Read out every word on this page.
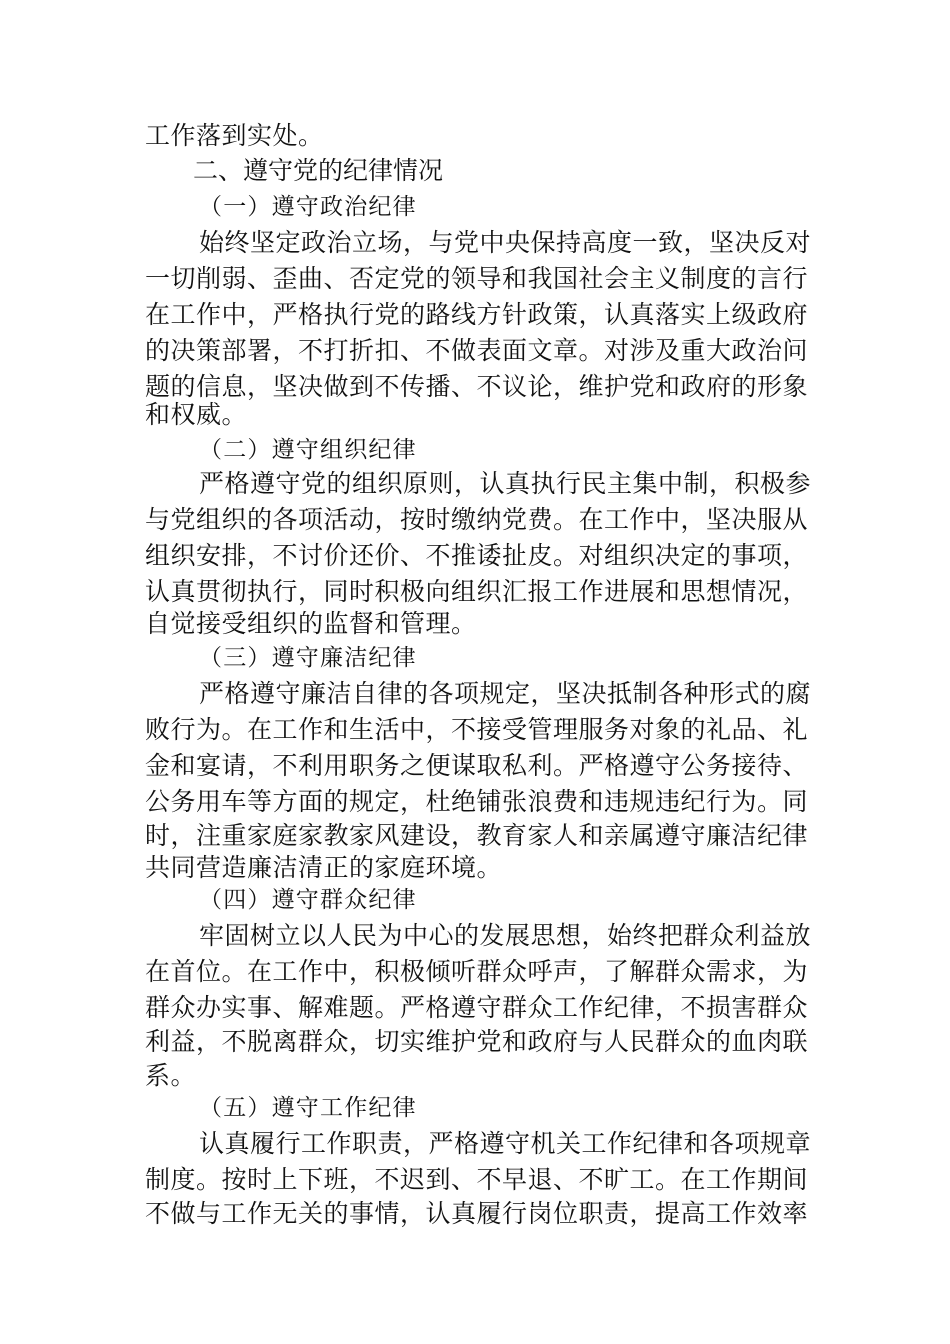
工作落到实处。
二、遵守党的纪律情况
（一）遵守政治纪律
始终坚定政治立场，与党中央保持高度一致，坚决反对
一切削弱、歪曲、否定党的领导和我国社会主义制度的言行
在工作中，严格执行党的路线方针政策，认真落实上级政府
的决策部署，不打折扣、不做表面文章。对涉及重大政治问
题的信息，坚决做到不传播、不议论，维护党和政府的形象
和权威。
（二）遵守组织纪律
严格遵守党的组织原则，认真执行民主集中制，积极参
与党组织的各项活动，按时缴纳党费。在工作中，坚决服从
组织安排，不讨价还价、不推诿扯皮。对组织决定的事项，
认真贯彻执行，同时积极向组织汇报工作进展和思想情况，
自觉接受组织的监督和管理。
（三）遵守廉洁纪律
严格遵守廉洁自律的各项规定，坚决抵制各种形式的腐
败行为。在工作和生活中，不接受管理服务对象的礼品、礼
金和宴请，不利用职务之便谋取私利。严格遵守公务接待、
公务用车等方面的规定，杜绝铺张浪费和违规违纪行为。同
时，注重家庭家教家风建设，教育家人和亲属遵守廉洁纪律
共同营造廉洁清正的家庭环境。
（四）遵守群众纪律
牢固树立以人民为中心的发展思想，始终把群众利益放
在首位。在工作中，积极倾听群众呼声，了解群众需求，为
群众办实事、解难题。严格遵守群众工作纪律，不损害群众
利益，不脱离群众，切实维护党和政府与人民群众的血肉联
系。
（五）遵守工作纪律
认真履行工作职责，严格遵守机关工作纪律和各项规章
制度。按时上下班，不迟到、不早退、不旷工。在工作期间
不做与工作无关的事情，认真履行岗位职责，提高工作效率
